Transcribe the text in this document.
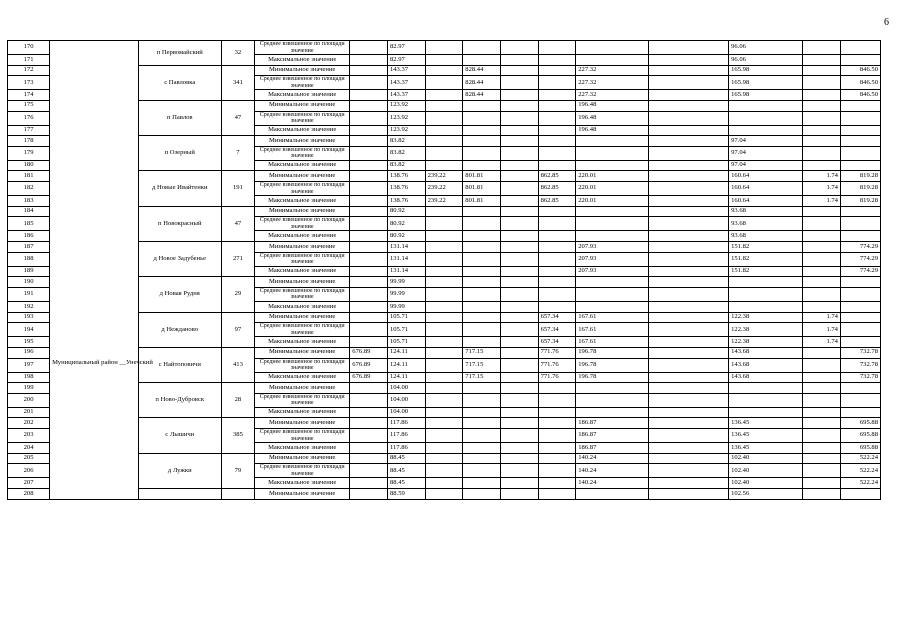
6
170	Муниципальный район __Унечский	п Первомайский	32	Среднее взвешенное по площади значение		82.97							96.06		
171				Максимальное значение		82.97							96.06		
172		с Павловка	341	Минимальное значение		143.37		828.44			227.32		165.98		846.50
173				Среднее взвешенное по площади значение		143.37		828.44			227.32		165.98		846.50
174				Максимальное значение		143.37		828.44			227.32		165.98		846.50
175		п Павлов	47	Минимальное значение		123.92					196.48				
176				Среднее взвешенное по площади значение		123.92					196.48				
177				Максимальное значение		123.92					196.48				
178		п Озерный	7	Минимальное значение		83.82							97.04		
179				Среднее взвешенное по площади значение		83.82							97.04		
180				Максимальное значение		83.82							97.04		
181		д Новые Ивайтенки	191	Минимальное значение		138.76	239.22	801.81		862.85	220.01		160.64	1.74	819.28
182				Среднее взвешенное по площади значение		138.76	239.22	801.81		862.85	220.01		160.64	1.74	819.28
183				Максимальное значение		138.76	239.22	801.81		862.85	220.01		160.64	1.74	819.28
184		п Новокрасный	47	Минимальное значение		80.92							93.68		
185				Среднее взвешенное по площади значение		80.92							93.68		
186				Максимальное значение		80.92							93.68		
187		д Новое Задубенье	271	Минимальное значение		131.14					207.93		151.82		774.29
188				Среднее взвешенное по площади значение		131.14					207.93		151.82		774.29
189				Максимальное значение		131.14					207.93		151.82		774.29
190		д Новая Рудня	29	Минимальное значение		99.99									
191				Среднее взвешенное по площади значение		99.99									
192				Максимальное значение		99.99									
193		д Неждановo	97	Минимальное значение		105.71				657.34	167.61		122.38	1.74	
194				Среднее взвешенное по площади значение		105.71				657.34	167.61		122.38	1.74	
195				Максимальное значение		105.71				657.34	167.61		122.38	1.74	
196		с Найтоповичи	413	Минимальное значение	676.89	124.11		717.15		771.76	196.78		143.68		732.78
197				Среднее взвешенное по площади значение	676.89	124.11		717.15		771.76	196.78		143.68		732.78
198				Максимальное значение	676.89	124.11		717.15		771.76	196.78		143.68		732.78
199		п Ново-Дубровск	28	Минимальное значение		104.00									
200				Среднее взвешенное по площади значение		104.00									
201				Максимальное значение		104.00									
202		с Лышичи	385	Минимальное значение		117.86					186.87		136.45		695.88
203				Среднее взвешенное по площади значение		117.86					186.87		136.45		695.88
204				Максимальное значение		117.86					186.87		136.45		695.88
205		д Лужки	79	Минимальное значение		88.45					140.24		102.40		522.24
206				Среднее взвешенное по площади значение		88.45					140.24		102.40		522.24
207				Максимальное значение		88.45					140.24		102.40		522.24
208				Минимальное значение		88.59							102.56		
